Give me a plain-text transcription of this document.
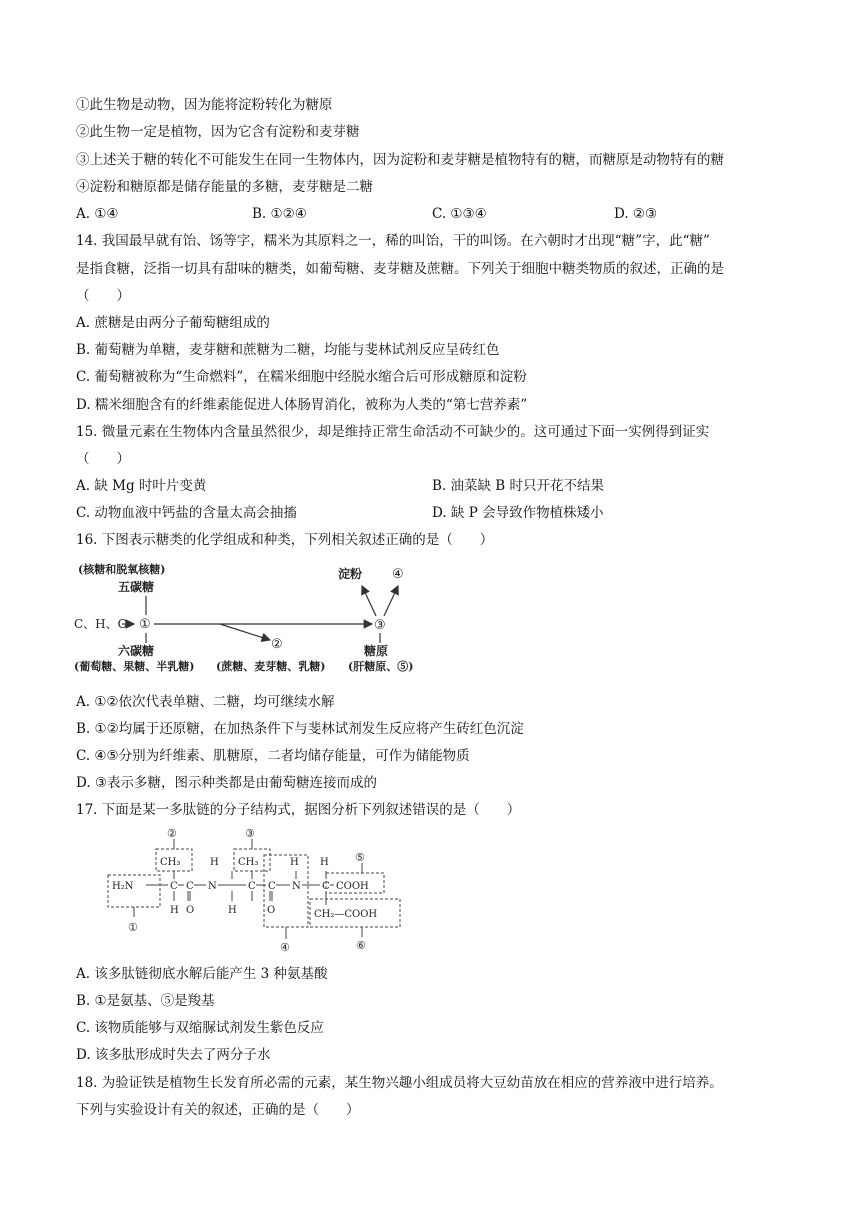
①此生物是动物，因为能将淀粉转化为糖原
②此生物一定是植物，因为它含有淀粉和麦芽糖
③上述关于糖的转化不可能发生在同一生物体内，因为淀粉和麦芽糖是植物特有的糖，而糖原是动物特有的糖
④淀粉和糖原都是储存能量的多糖，麦芽糖是二糖
A. ①④	B. ①②④	C. ①③④	D. ②③
14. 我国最早就有饴、饧等字，糯米为其原料之一，稀的叫饴，干的叫饧。在六朝时才出现“糖”字，此“糖”
是指食糖，泛指一切具有甜味的糖类，如葡萄糖、麦芽糖及蔗糖。下列关于细胞中糖类物质的叙述，正确的是
（　　）
A. 蔗糖是由两分子葡萄糖组成的
B. 葡萄糖为单糖，麦芽糖和蔗糖为二糖，均能与斐林试剂反应呈砖红色
C. 葡萄糖被称为“生命燃料”，在糯米细胞中经脱水缩合后可形成糖原和淀粉
D. 糯米细胞含有的纤维素能促进人体肠胃消化，被称为人类的“第七营养素”
15. 微量元素在生物体内含量虽然很少，却是维持正常生命活动不可缺少的。这可通过下面一实例得到证实
（　　）
A. 缺 Mg 时叶片变黄	B. 油菜缺 B 时只开花不结果
C. 动物血液中钙盐的含量太高会抽搐	D. 缺 P 会导致作物植株矮小
16. 下图表示糖类的化学组成和种类，下列相关叙述正确的是（　　）
(核糖和脱氧核糖)
五碳糖
C、H、O ①
②
六碳糖
(葡萄糖、果糖、半乳糖) (蔗糖、麦芽糖、乳糖)
③
淀粉 ④
糖原
(肝糖原、⑤)
A. ①②依次代表单糖、二糖，均可继续水解
B. ①②均属于还原糖，在加热条件下与斐林试剂发生反应将产生砖红色沉淀
C. ④⑤分别为纤维素、肌糖原，二者均储存能量，可作为储能物质
D. ③表示多糖，图示种类都是由葡萄糖连接而成的
17. 下面是某一多肽链的分子结构式，据图分析下列叙述错误的是（　　）
②	③
⑤
CH₃	CH₃
H	H H
H₂N	C C N	C C N C COOH
H O	H	O	CH₂—COOH
①
④	⑥
A. 该多肽链彻底水解后能产生 3 种氨基酸
B. ①是氨基、⑤是羧基
C. 该物质能够与双缩脲试剂发生紫色反应
D. 该多肽形成时失去了两分子水
18. 为验证铁是植物生长发育所必需的元素，某生物兴趣小组成员将大豆幼苗放在相应的营养液中进行培养。
下列与实验设计有关的叙述，正确的是（　　）
